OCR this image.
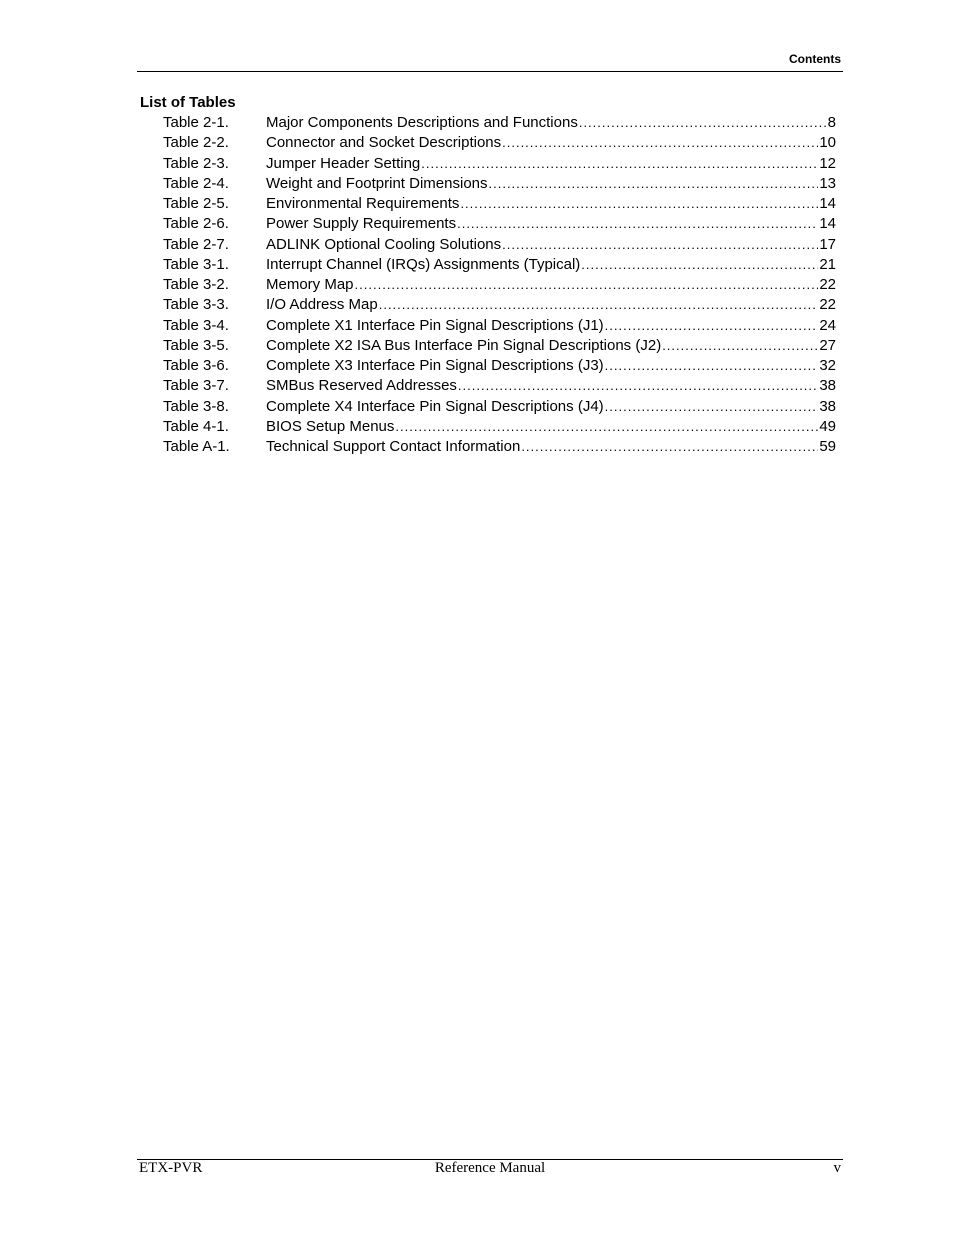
Contents
List of Tables
Table 2-1.	Major Components Descriptions and Functions .....	8
Table 2-2.	Connector and Socket Descriptions .....	10
Table 2-3.	Jumper Header Setting .....	12
Table 2-4.	Weight and Footprint Dimensions .....	13
Table 2-5.	Environmental Requirements .....	14
Table 2-6.	Power Supply Requirements .....	14
Table 2-7.	ADLINK Optional Cooling Solutions .....	17
Table 3-1.	Interrupt Channel (IRQs) Assignments (Typical) .....	21
Table 3-2.	Memory Map .....	22
Table 3-3.	I/O Address Map .....	22
Table 3-4.	Complete X1 Interface Pin Signal Descriptions (J1) .....	24
Table 3-5.	Complete X2 ISA Bus Interface Pin Signal Descriptions (J2) .....	27
Table 3-6.	Complete X3 Interface Pin Signal Descriptions (J3) .....	32
Table 3-7.	SMBus Reserved Addresses .....	38
Table 3-8.	Complete X4 Interface Pin Signal Descriptions (J4) .....	38
Table 4-1.	BIOS Setup Menus .....	49
Table A-1.	Technical Support Contact Information .....	59
ETX-PVR	Reference Manual	v
